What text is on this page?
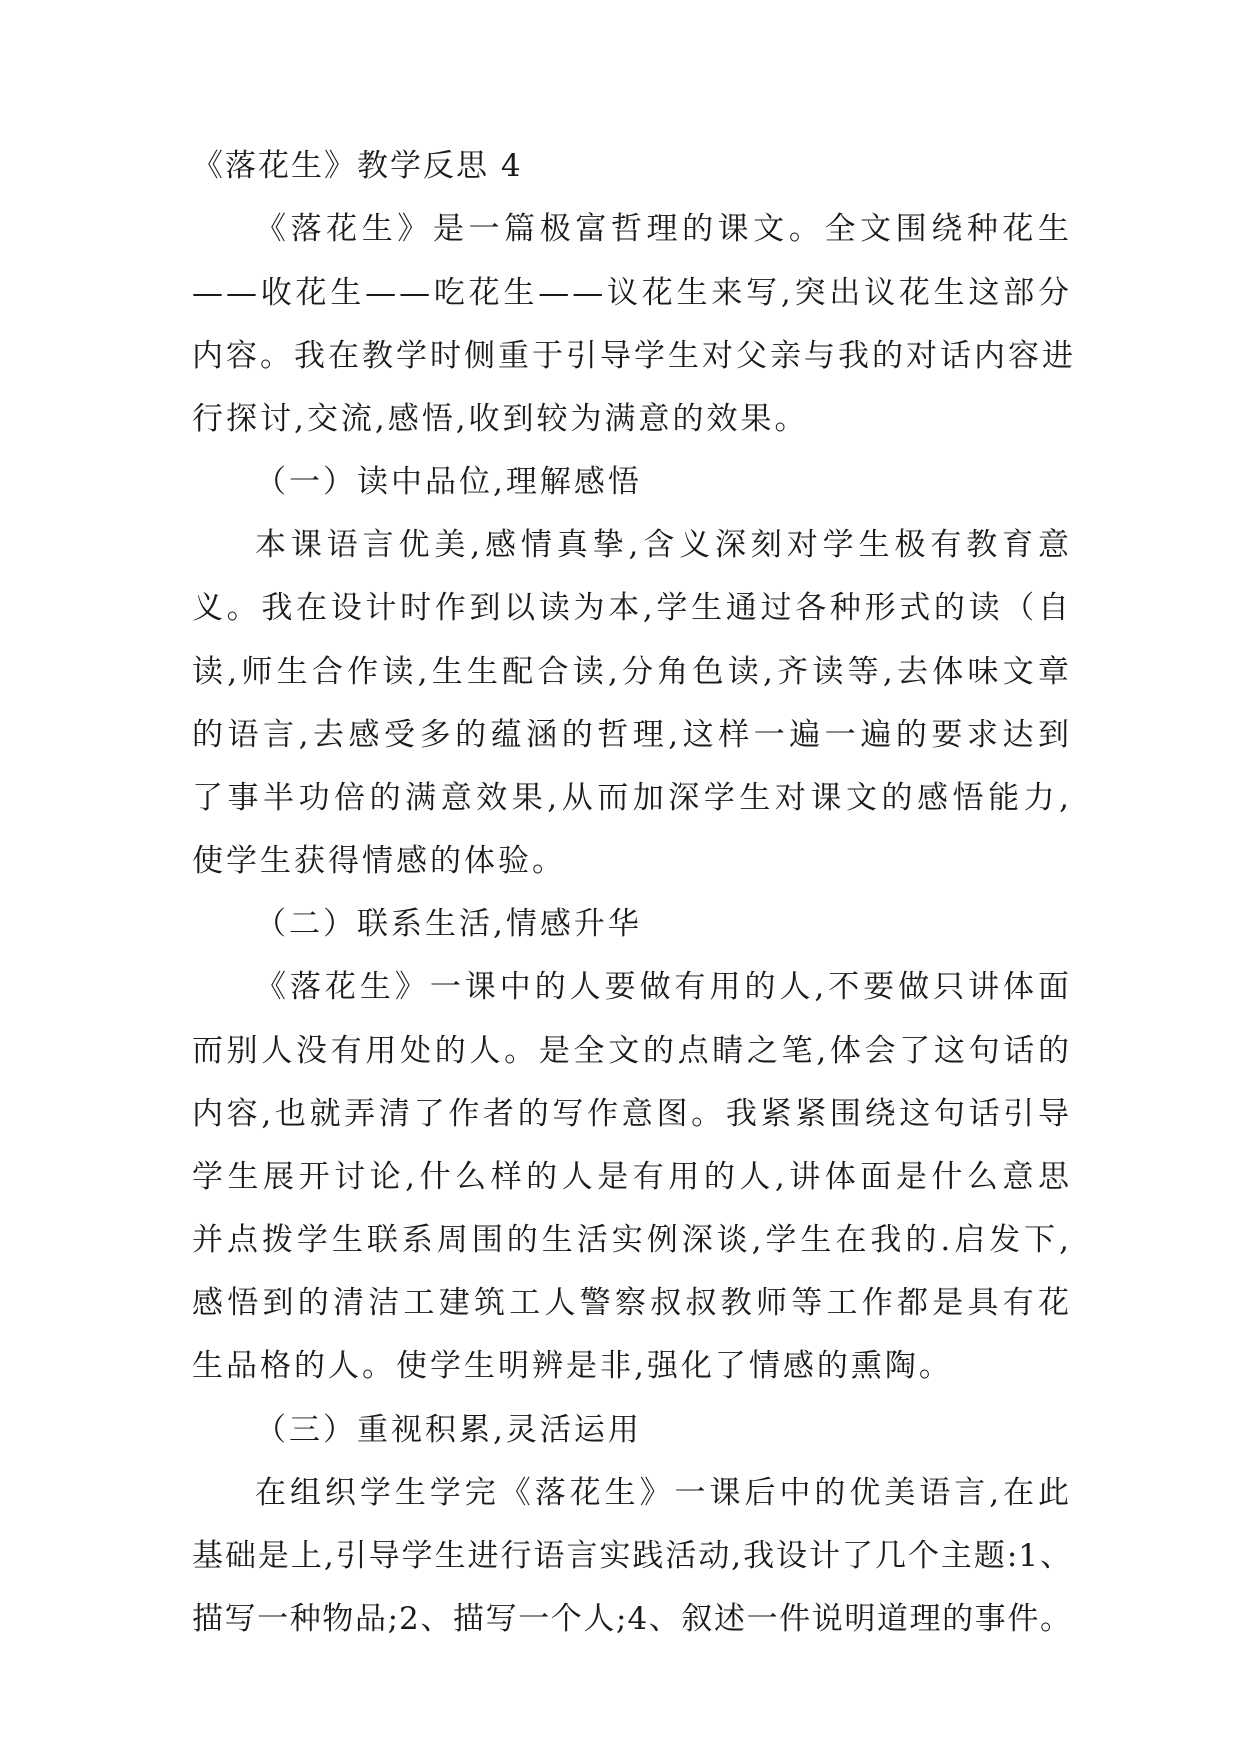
《落花生》教学反思 4
《落花生》是一篇极富哲理的课文。全文围绕种花生
——收花生——吃花生——议花生来写,突出议花生这部分
内容。我在教学时侧重于引导学生对父亲与我的对话内容进
行探讨,交流,感悟,收到较为满意的效果。
（一）读中品位,理解感悟
本课语言优美,感情真挚,含义深刻对学生极有教育意
义。我在设计时作到以读为本,学生通过各种形式的读（自
读,师生合作读,生生配合读,分角色读,齐读等,去体味文章
的语言,去感受多的蕴涵的哲理,这样一遍一遍的要求达到
了事半功倍的满意效果,从而加深学生对课文的感悟能力,
使学生获得情感的体验。
（二）联系生活,情感升华
《落花生》一课中的人要做有用的人,不要做只讲体面
而别人没有用处的人。是全文的点睛之笔,体会了这句话的
内容,也就弄清了作者的写作意图。我紧紧围绕这句话引导
学生展开讨论,什么样的人是有用的人,讲体面是什么意思
并点拨学生联系周围的生活实例深谈,学生在我的.启发下,
感悟到的清洁工建筑工人警察叔叔教师等工作都是具有花
生品格的人。使学生明辨是非,强化了情感的熏陶。
（三）重视积累,灵活运用
在组织学生学完《落花生》一课后中的优美语言,在此
基础是上,引导学生进行语言实践活动,我设计了几个主题:1、
描写一种物品;2、描写一个人;4、叙述一件说明道理的事件。
